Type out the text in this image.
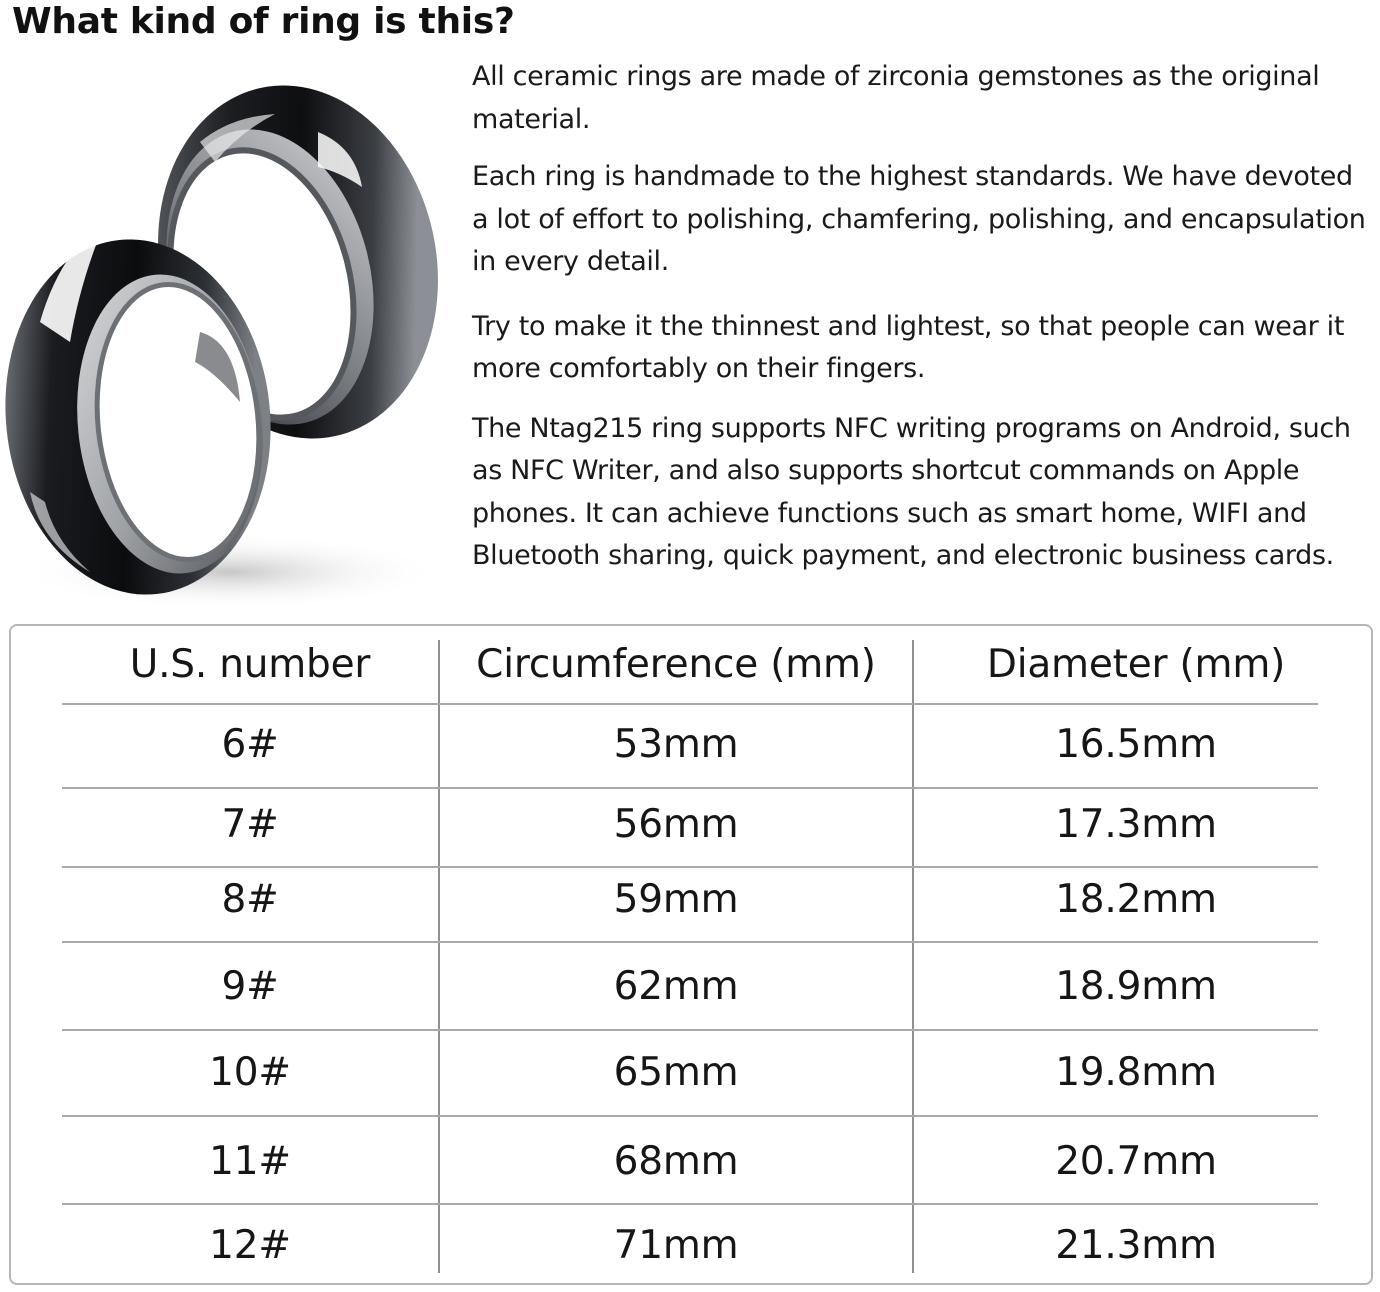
What kind of ring is this?

All ceramic rings are made of zirconia gemstones as the original material.

Each ring is handmade to the highest standards. We have devoted a lot of effort to polishing, chamfering, polishing, and encapsulation in every detail.

Try to make it the thinnest and lightest, so that people can wear it more comfortably on their fingers.

The Ntag215 ring supports NFC writing programs on Android, such as NFC Writer, and also supports shortcut commands on Apple phones. It can achieve functions such as smart home, WIFI and Bluetooth sharing, quick payment, and electronic business cards.

U.S. number	Circumference (mm)	Diameter (mm)
6#	53mm	16.5mm
7#	56mm	17.3mm
8#	59mm	18.2mm
9#	62mm	18.9mm
10#	65mm	19.8mm
11#	68mm	20.7mm
12#	71mm	21.3mm
